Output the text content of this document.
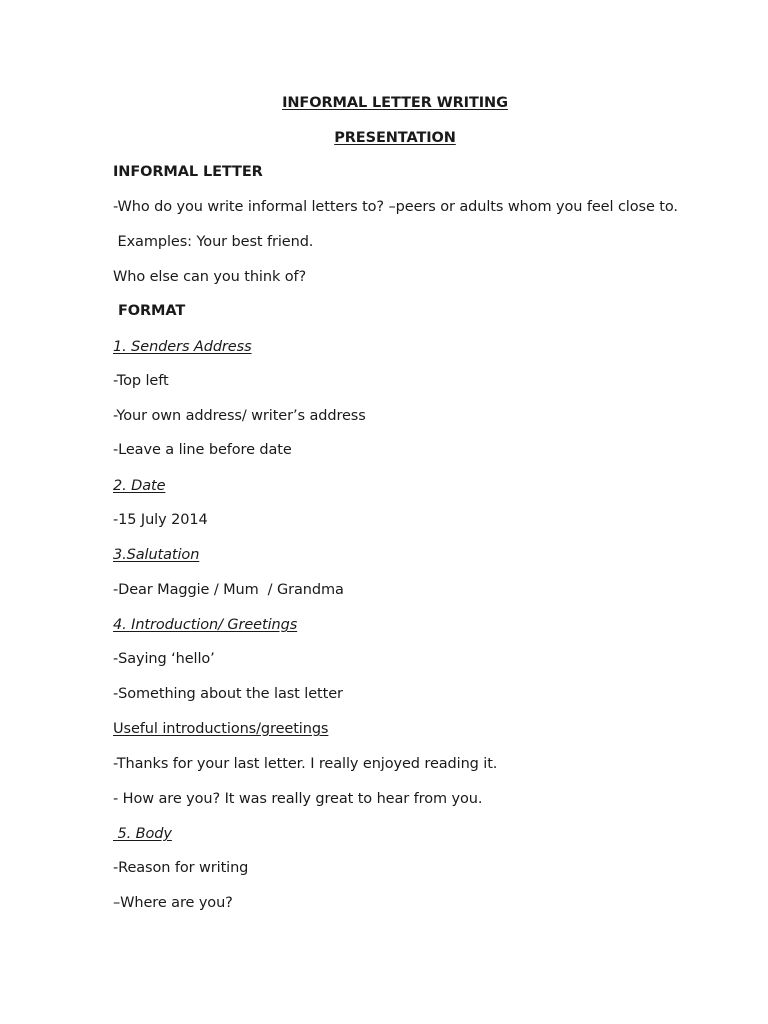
INFORMAL LETTER WRITING
PRESENTATION
INFORMAL LETTER
-Who do you write informal letters to? –peers or adults whom you feel close to.
Examples: Your best friend.
Who else can you think of?
FORMAT
1. Senders Address
-Top left
-Your own address/ writer’s address
-Leave a line before date
2. Date
-15 July 2014
3.Salutation
-Dear Maggie / Mum  / Grandma
4. Introduction/ Greetings
-Saying ‘hello’
-Something about the last letter
Useful introductions/greetings
-Thanks for your last letter. I really enjoyed reading it.
- How are you? It was really great to hear from you.
5. Body
-Reason for writing
–Where are you?
